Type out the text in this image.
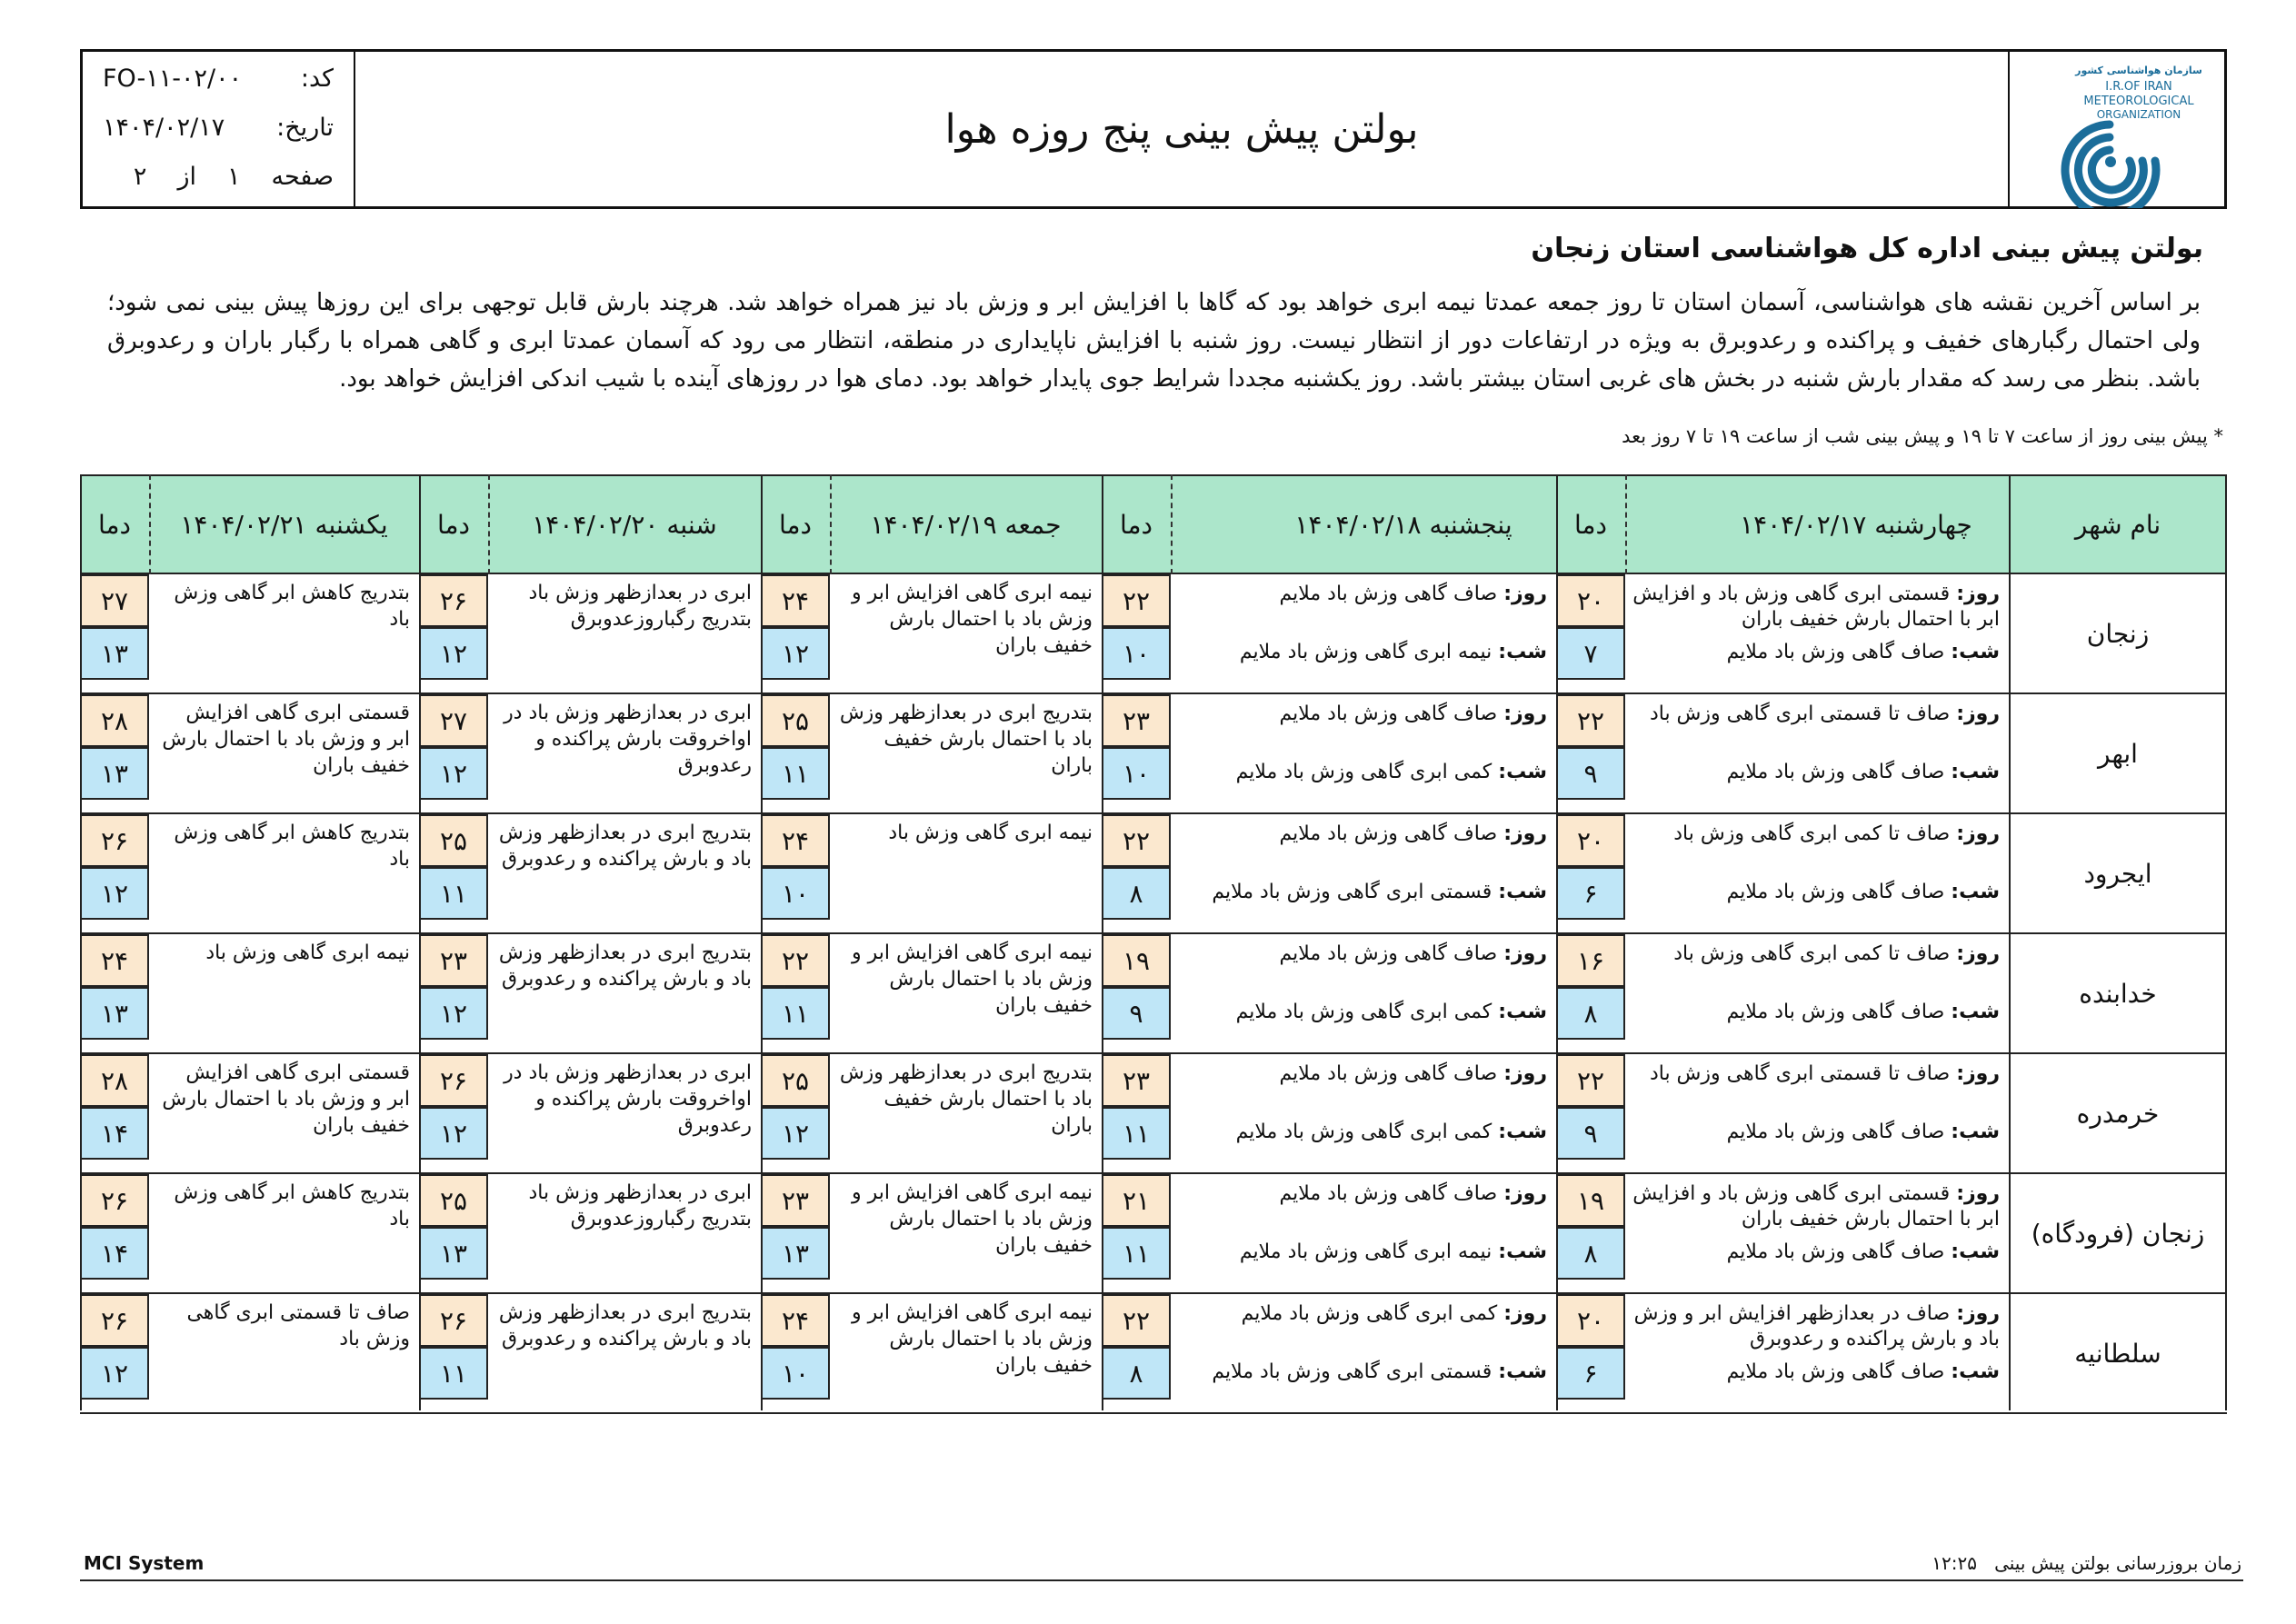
کد:
FO-۱۱-۰۲/۰۰
تاریخ:
۱۴۰۴/۰۲/۱۷
صفحه
۱
از
۲
بولتن پیش بینی پنج روزه هوا
سازمان هواشناسی کشور
I.R.OF IRAN
METEOROLOGICAL
ORGANIZATION
بولتن پیش بینی اداره کل هواشناسی استان زنجان
بر اساس آخرین نقشه های هواشناسی، آسمان استان تا روز جمعه عمدتا نیمه ابری خواهد بود که گاها با افزایش ابر و وزش باد نیز همراه خواهد شد. هرچند بارش قابل توجهی برای این روزها پیش بینی نمی شود؛ ولی احتمال رگبارهای خفیف و پراکنده و رعدوبرق به ویژه در ارتفاعات دور از انتظار نیست. روز شنبه با افزایش ناپایداری در منطقه، انتظار می رود که آسمان عمدتا ابری و گاهی همراه با رگبار باران و رعدوبرق باشد. بنظر می رسد که مقدار بارش شنبه در بخش های غربی استان بیشتر باشد. روز یکشنبه مجددا شرایط جوی پایدار خواهد بود. دمای هوا در روزهای آینده با شیب اندکی افزایش خواهد بود.
* پیش بینی روز از ساعت ۷ تا ۱۹ و پیش بینی شب از ساعت ۱۹ تا ۷ روز بعد
نام شهر
چهارشنبه ۱۴۰۴/۰۲/۱۷
دما
پنجشنبه ۱۴۰۴/۰۲/۱۸
دما
جمعه ۱۴۰۴/۰۲/۱۹
دما
شنبه ۱۴۰۴/۰۲/۲۰
دما
یکشنبه ۱۴۰۴/۰۲/۲۱
دما
زنجان
روز: قسمتی ابری گاهی وزش باد و افزایش ابر با احتمال بارش خفیف باران
شب: صاف گاهی وزش باد ملایم
۲۰
۷
روز: صاف گاهی وزش باد ملایم
شب: نیمه ابری گاهی وزش باد ملایم
۲۲
۱۰
نیمه ابری گاهی افزایش ابر و وزش باد با احتمال بارش خفیف باران
۲۴
۱۲
ابری در بعدازظهر وزش باد بتدریج رگباروزعدوبرق
۲۶
۱۲
بتدریج کاهش ابر گاهی وزش باد
۲۷
۱۳
ابهر
روز: صاف تا قسمتی ابری گاهی وزش باد
شب: صاف گاهی وزش باد ملایم
۲۲
۹
روز: صاف گاهی وزش باد ملایم
شب: کمی ابری گاهی وزش باد ملایم
۲۳
۱۰
بتدریج ابری در بعدازظهر وزش باد با احتمال بارش خفیف باران
۲۵
۱۱
ابری در بعدازظهر وزش باد در اواخروقت بارش پراکنده و رعدوبرق
۲۷
۱۲
قسمتی ابری گاهی افزایش ابر و وزش باد با احتمال بارش خفیف باران
۲۸
۱۳
ایجرود
روز: صاف تا کمی ابری گاهی وزش باد
شب: صاف گاهی وزش باد ملایم
۲۰
۶
روز: صاف گاهی وزش باد ملایم
شب: قسمتی ابری گاهی وزش باد ملایم
۲۲
۸
نیمه ابری گاهی وزش باد
۲۴
۱۰
بتدریج ابری در بعدازظهر وزش باد و بارش پراکنده و رعدوبرق
۲۵
۱۱
بتدریج کاهش ابر گاهی وزش باد
۲۶
۱۲
خدابنده
روز: صاف تا کمی ابری گاهی وزش باد
شب: صاف گاهی وزش باد ملایم
۱۶
۸
روز: صاف گاهی وزش باد ملایم
شب: کمی ابری گاهی وزش باد ملایم
۱۹
۹
نیمه ابری گاهی افزایش ابر و وزش باد با احتمال بارش خفیف باران
۲۲
۱۱
بتدریج ابری در بعدازظهر وزش باد و بارش پراکنده و رعدوبرق
۲۳
۱۲
نیمه ابری گاهی وزش باد
۲۴
۱۳
خرمدره
روز: صاف تا قسمتی ابری گاهی وزش باد
شب: صاف گاهی وزش باد ملایم
۲۲
۹
روز: صاف گاهی وزش باد ملایم
شب: کمی ابری گاهی وزش باد ملایم
۲۳
۱۱
بتدریج ابری در بعدازظهر وزش باد با احتمال بارش خفیف باران
۲۵
۱۲
ابری در بعدازظهر وزش باد در اواخروقت بارش پراکنده و رعدوبرق
۲۶
۱۲
قسمتی ابری گاهی افزایش ابر و وزش باد با احتمال بارش خفیف باران
۲۸
۱۴
زنجان (فرودگاه)
روز: قسمتی ابری گاهی وزش باد و افزایش ابر با احتمال بارش خفیف باران
شب: صاف گاهی وزش باد ملایم
۱۹
۸
روز: صاف گاهی وزش باد ملایم
شب: نیمه ابری گاهی وزش باد ملایم
۲۱
۱۱
نیمه ابری گاهی افزایش ابر و وزش باد با احتمال بارش خفیف باران
۲۳
۱۳
ابری در بعدازظهر وزش باد بتدریج رگباروزعدوبرق
۲۵
۱۳
بتدریج کاهش ابر گاهی وزش باد
۲۶
۱۴
سلطانیه
روز: صاف در بعدازظهر افزایش ابر و وزش باد و بارش پراکنده و رعدوبرق
شب: صاف گاهی وزش باد ملایم
۲۰
۶
روز: کمی ابری گاهی وزش باد ملایم
شب: قسمتی ابری گاهی وزش باد ملایم
۲۲
۸
نیمه ابری گاهی افزایش ابر و وزش باد با احتمال بارش خفیف باران
۲۴
۱۰
بتدریج ابری در بعدازظهر وزش باد و بارش پراکنده و رعدوبرق
۲۶
۱۱
صاف تا قسمتی ابری گاهی وزش باد
۲۶
۱۲
MCI System	زمان بروزرسانی بولتن پیش بینی   ۱۲:۲۵
